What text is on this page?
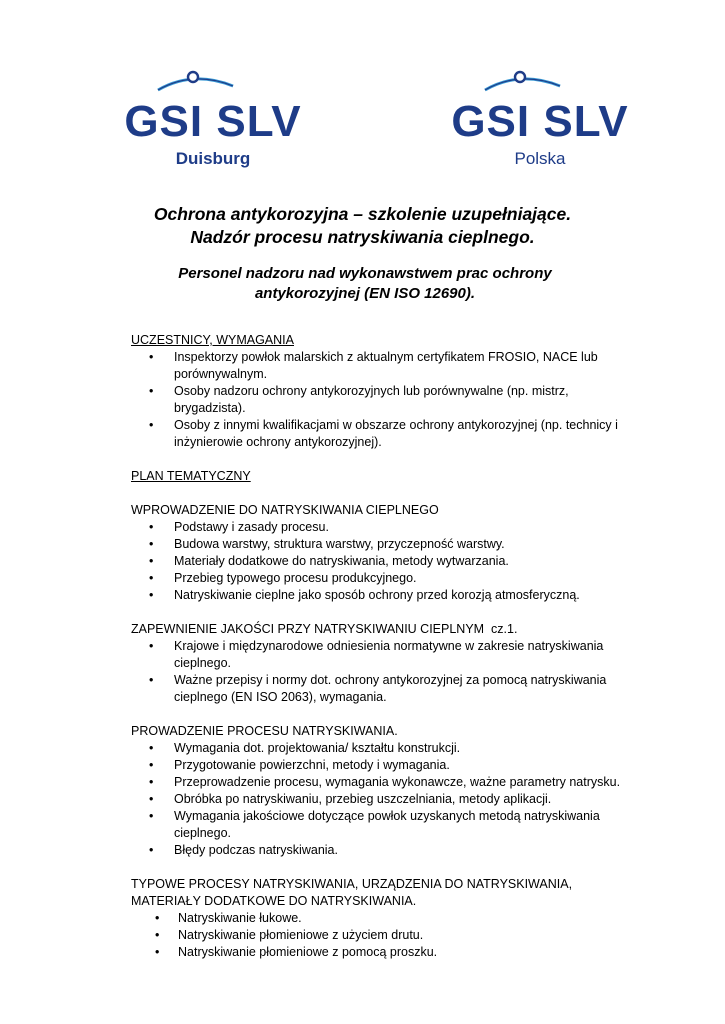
GSI SLV
Duisburg
GSI SLV
Polska
Ochrona antykorozyjna – szkolenie uzupełniające.
Nadzór procesu natryskiwania cieplnego.
Personel nadzoru nad wykonawstwem prac ochrony antykorozyjnej (EN ISO 12690).

UCZESTNICY, WYMAGANIA

• Inspektorzy powłok malarskich z aktualnym certyfikatem FROSIO, NACE lub porównywalnym.
• Osoby nadzoru ochrony antykorozyjnych lub porównywalne (np. mistrz, brygadzista).
• Osoby z innymi kwalifikacjami w obszarze ochrony antykorozyjnej (np. technicy i inżynierowie ochrony antykorozyjnej).

PLAN TEMATYCZNY

WPROWADZENIE DO NATRYSKIWANIA CIEPLNEGO

• Podstawy i zasady procesu.
• Budowa warstwy, struktura warstwy, przyczepność warstwy.
• Materiały dodatkowe do natryskiwania, metody wytwarzania.
• Przebieg typowego procesu produkcyjnego.
• Natryskiwanie cieplne jako sposób ochrony przed korozją atmosferyczną.

ZAPEWNIENIE JAKOŚCI PRZY NATRYSKIWANIU CIEPLNYM  cz.1.

• Krajowe i międzynarodowe odniesienia normatywne w zakresie natryskiwania cieplnego.
• Ważne przepisy i normy dot. ochrony antykorozyjnej za pomocą natryskiwania cieplnego (EN ISO 2063), wymagania.

PROWADZENIE PROCESU NATRYSKIWANIA.

• Wymagania dot. projektowania/ kształtu konstrukcji.
• Przygotowanie powierzchni, metody i wymagania.
• Przeprowadzenie procesu, wymagania wykonawcze, ważne parametry natrysku.
• Obróbka po natryskiwaniu, przebieg uszczelniania, metody aplikacji.
• Wymagania jakościowe dotyczące powłok uzyskanych metodą natryskiwania cieplnego.
• Błędy podczas natryskiwania.

TYPOWE PROCESY NATRYSKIWANIA, URZĄDZENIA DO NATRYSKIWANIA, MATERIAŁY DODATKOWE DO NATRYSKIWANIA.

• Natryskiwanie łukowe.
• Natryskiwanie płomieniowe z użyciem drutu.
• Natryskiwanie płomieniowe z pomocą proszku.
